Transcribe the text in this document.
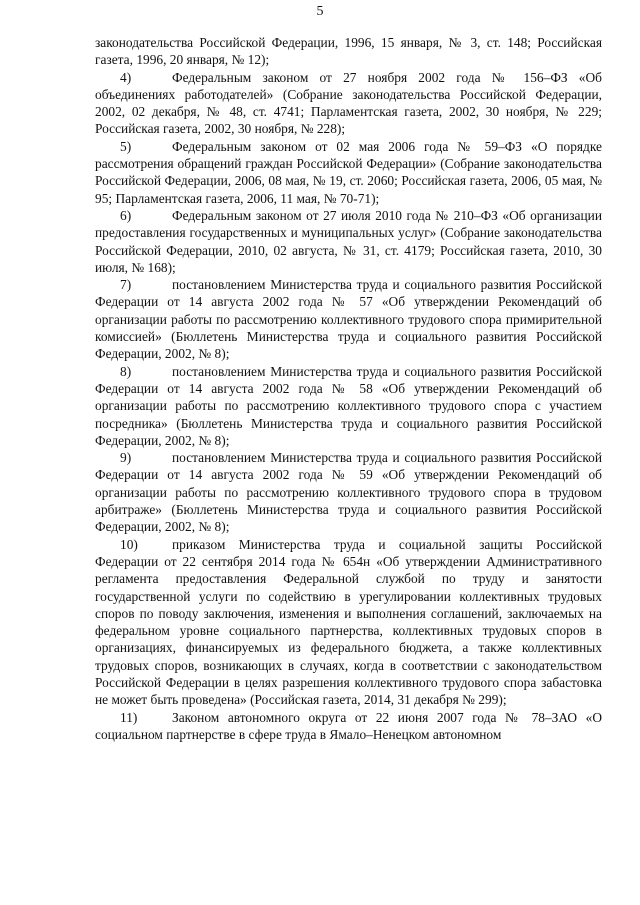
5

законодательства Российской Федерации, 1996, 15 января, № 3, ст. 148; Российская газета, 1996, 20 января, № 12);

4)	Федеральным законом от 27 ноября 2002 года № 156–ФЗ «Об объединениях работодателей» (Собрание законодательства Российской Федерации, 2002, 02 декабря, № 48, ст. 4741; Парламентская газета, 2002, 30 ноября, № 229; Российская газета, 2002, 30 ноября, № 228);

5)	Федеральным законом от 02 мая 2006 года № 59–ФЗ «О порядке рассмотрения обращений граждан Российской Федерации» (Собрание законодательства Российской Федерации, 2006, 08 мая, № 19, ст. 2060; Российская газета, 2006, 05 мая, № 95; Парламентская газета, 2006, 11 мая, № 70-71);

6)	Федеральным законом от 27 июля 2010 года № 210–ФЗ «Об организации предоставления государственных и муниципальных услуг» (Собрание законодательства Российской Федерации, 2010, 02 августа, № 31, ст. 4179; Российская газета, 2010, 30 июля, № 168);

7)	постановлением Министерства труда и социального развития Российской Федерации от 14 августа 2002 года № 57 «Об утверждении Рекомендаций об организации работы по рассмотрению коллективного трудового спора примирительной комиссией» (Бюллетень Министерства труда и социального развития Российской Федерации, 2002, № 8);

8)	постановлением Министерства труда и социального развития Российской Федерации от 14 августа 2002 года № 58 «Об утверждении Рекомендаций об организации работы по рассмотрению коллективного трудового спора с участием посредника» (Бюллетень Министерства труда и социального развития Российской Федерации, 2002, № 8);

9)	постановлением Министерства труда и социального развития Российской Федерации от 14 августа 2002 года № 59 «Об утверждении Рекомендаций об организации работы по рассмотрению коллективного трудового спора в трудовом арбитраже» (Бюллетень Министерства труда и социального развития Российской Федерации, 2002, № 8);

10)	приказом Министерства труда и социальной защиты Российской Федерации от 22 сентября 2014 года № 654н «Об утверждении Административного регламента предоставления Федеральной службой по труду и занятости государственной услуги по содействию в урегулировании коллективных трудовых споров по поводу заключения, изменения и выполнения соглашений, заключаемых на федеральном уровне социального партнерства, коллективных трудовых споров в организациях, финансируемых из федерального бюджета, а также коллективных трудовых споров, возникающих в случаях, когда в соответствии с законодательством Российской Федерации в целях разрешения коллективного трудового спора забастовка не может быть проведена» (Российская газета, 2014, 31 декабря № 299);

11)	Законом автономного округа от 22 июня 2007 года № 78–ЗАО «О социальном партнерстве в сфере труда в Ямало–Ненецком автономном
